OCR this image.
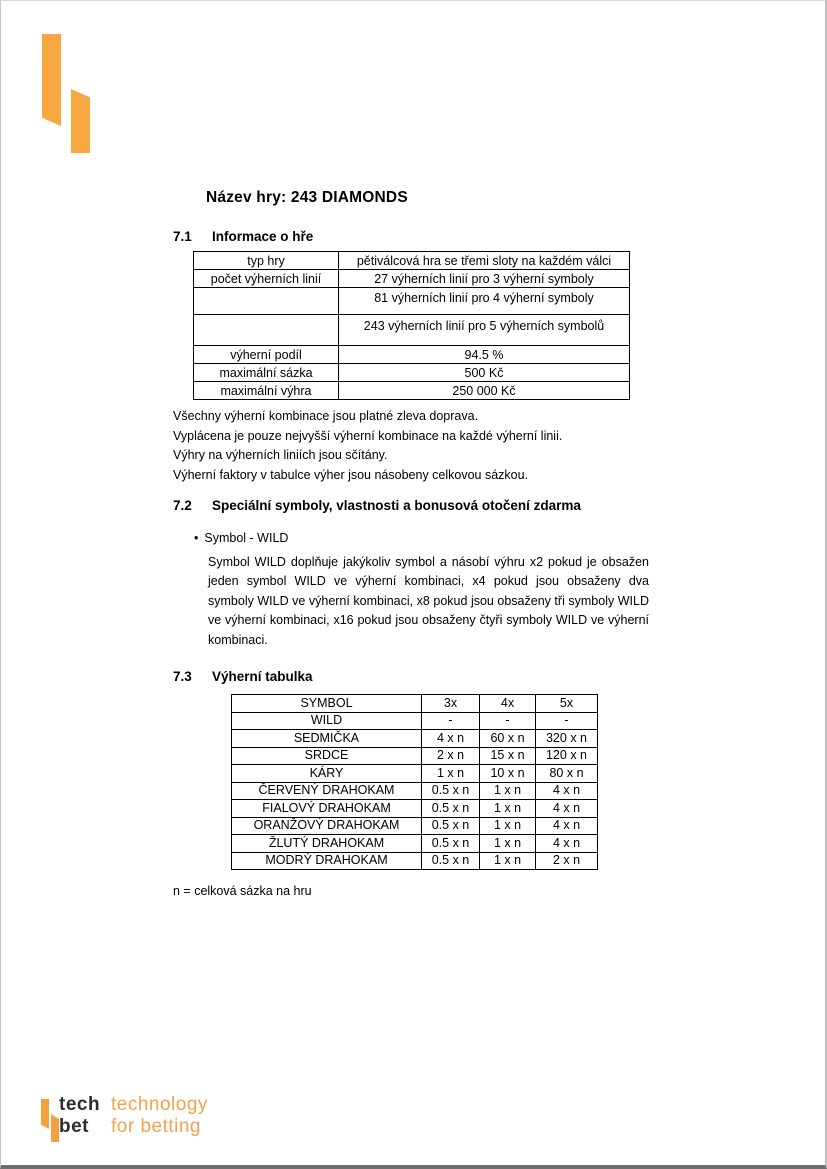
Název hry: 243 DIAMONDS
7.1 Informace o hře
typ hry	pětiválcová hra se třemi sloty na každém válci
počet výherních linií	27 výherních linií pro 3 výherní symboly
	81 výherních linií pro 4 výherní symboly
	243 výherních linií pro 5 výherních symbolů
výherní podíl	94.5 %
maximální sázka	500 Kč
maximální výhra	250 000 Kč
Všechny výherní kombinace jsou platné zleva doprava.
Vyplácena je pouze nejvyšší výherní kombinace na každé výherní linii.
Výhry na výherních liniích jsou sčítány.
Výherní faktory v tabulce výher jsou násobeny celkovou sázkou.
7.2 Speciální symboly, vlastnosti a bonusová otočení zdarma
• Symbol - WILD
Symbol WILD doplňuje jakýkoliv symbol a násobí výhru x2 pokud je obsažen jeden symbol WILD ve výherní kombinaci, x4 pokud jsou obsaženy dva symboly WILD ve výherní kombinaci, x8 pokud jsou obsaženy tři symboly WILD ve výherní kombinaci, x16 pokud jsou obsaženy čtyři symboly WILD ve výherní kombinaci.
7.3 Výherní tabulka
SYMBOL	3x	4x	5x
WILD	-	-	-
SEDMIČKA	4 x n	60 x n	320 x n
SRDCE	2 x n	15 x n	120 x n
KÁRY	1 x n	10 x n	80 x n
ČERVENÝ DRAHOKAM	0.5 x n	1 x n	4 x n
FIALOVÝ DRAHOKAM	0.5 x n	1 x n	4 x n
ORANŽOVÝ DRAHOKAM	0.5 x n	1 x n	4 x n
ŽLUTÝ DRAHOKAM	0.5 x n	1 x n	4 x n
MODRÝ DRAHOKAM	0.5 x n	1 x n	2 x n
n = celková sázka na hru
tech technology
bet	for betting
